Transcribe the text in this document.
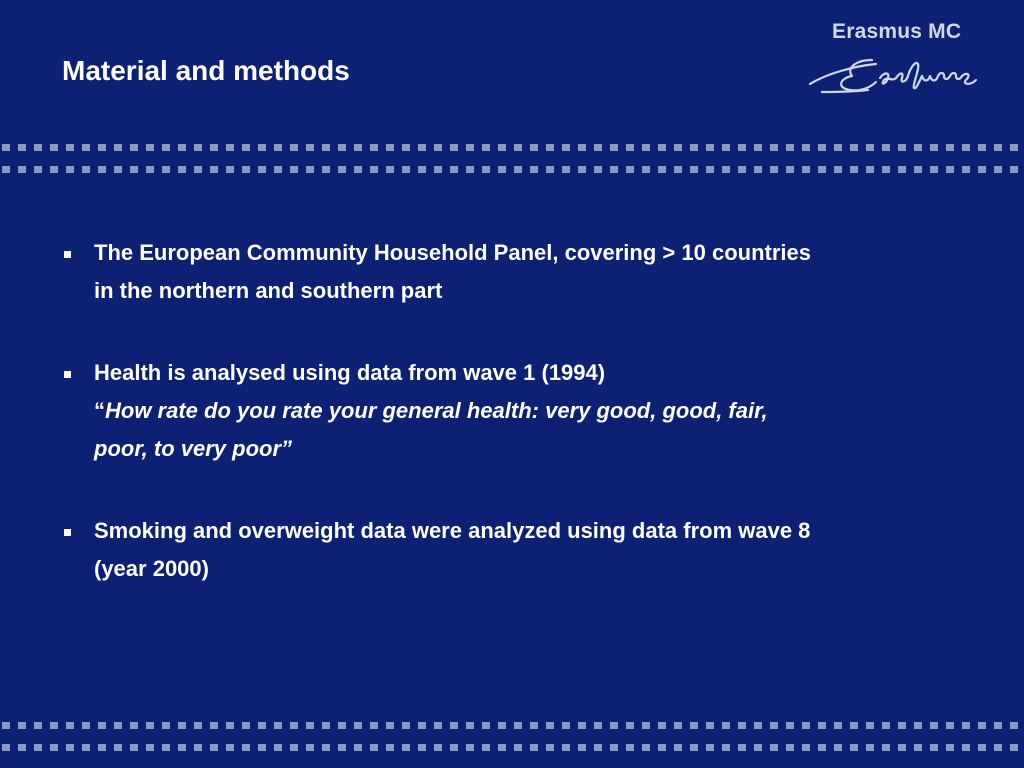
Material and methods
Erasmus MC
The European Community Household Panel, covering > 10 countries
in the northern and southern part
Health is analysed using data from wave 1 (1994)
“How rate do you rate your general health: very good, good, fair,
poor, to very poor”
Smoking and overweight data were analyzed using data from wave 8
(year 2000)
